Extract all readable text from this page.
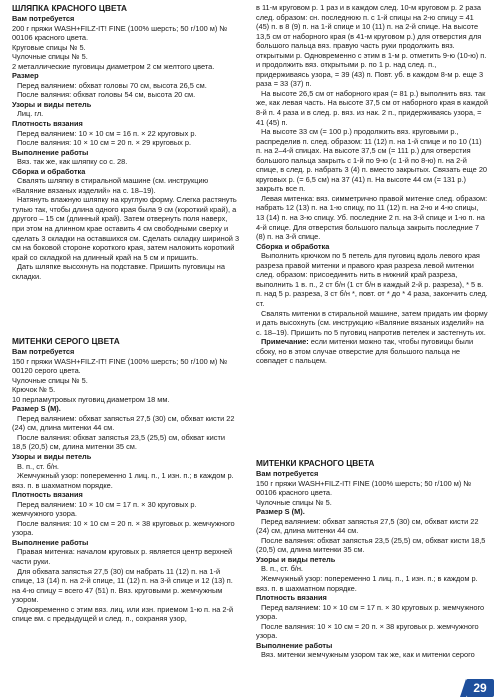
ШЛЯПКА КРАСНОГО ЦВЕТА
Вам потребуется

200 г пряжи WASH+FILZ-IT! FINE (100% шерсть; 50 г/100 м) № 00106 красного цвета.

Круговые спицы № 5.

Чулочные спицы № 5.

2 металлические пуговицы диаметром 2 см желтого цвета.

Размер

Перед валянием: обхват головы 70 см, высота 26,5 см.

После валяния: обхват головы 54 см, высота 20 см.

Узоры и виды петель

Лиц. гл.

Плотность вязания

Перед валянием: 10 × 10 см = 16 п. × 22 круговых р.

После валяния: 10 × 10 см = 20 п. × 29 круговых р.

Выполнение работы

Вяз. так же, как шляпку со с. 28.

Сборка и обработка

Свалять шляпку в стиральной машине (см. инструкцию «Валяние вязаных изделий» на с. 18–19).

Натянуть влажную шляпку на круглую форму. Слегка растянуть тулью так, чтобы длина одного края была 9 см (короткий край), а другого – 15 см (длинный край). Затем отвернуть поля наверх, при этом на длинном крае оставить 4 см свободными сверху и сделать 3 складки на оставшихся см. Сделать складку шириной 3 см на боковой стороне короткого края, затем наложить короткий край со складкой на длинный край на 5 см и пришить.

Дать шляпке высохнуть на подставке. Пришить пуговицы на складки.

МИТЕНКИ СЕРОГО ЦВЕТА
Вам потребуется

150 г пряжи WASH+FILZ-IT! FINE (100% шерсть; 50 г/100 м) № 00120 серого цвета.

Чулочные спицы № 5.

Крючок № 5.

10 перламутровых пуговиц диаметром 18 мм.

Размер S (M).

Перед валянием: обхват запястья 27,5 (30) см, обхват кисти 22 (24) см, длина митенки 44 см.

После валяния: обхват запястья 23,5 (25,5) см, обхват кисти 18,5 (20,5) см, длина митенки 35 см.

Узоры и виды петель

В. п., ст. б/н.

Жемчужный узор: попеременно 1 лиц. п., 1 изн. п.; в каждом р. вяз. п. в шахматном порядке.

Плотность вязания

Перед валянием: 10 × 10 см = 17 п. × 30 круговых р. жемчужного узора.

После валяния: 10 × 10 см = 20 п. × 38 круговых р. жемчужного узора.

Выполнение работы

Правая митенка: началом круговых р. является центр верхней части руки.

Для обхвата запястья 27,5 (30) см набрать 11 (12) п. на 1-й спице, 13 (14) п. на 2-й спице, 11 (12) п. на 3-й спице и 12 (13) п. на 4-ю спицу = всего 47 (51) п. Вяз. круговыми р. жемчужным узором.

Одновременно с этим вяз. лиц. или изн. приемом 1-ю п. на 2-й спице вм. с предыдущей и след. п., сохраняя узор,

в 11-м круговом р. 1 раз и в каждом след. 10-м круговом р. 2 раза след. образом: сн. последнюю п. с 1-й спицы на 2-ю спицу = 41 (45) п. в 8 (9) п. на 1-й спице и 10 (11) п. на 2-й спице. На высоте 13,5 см от наборного края (в 41-м круговом р.) для отверстия для большого пальца вяз. правую часть руки продолжить вяз. открытыми р. Одновременно с этим в 1-м р. отметить 9-ю (10-ю) п. и продолжить вяз. открытыми р. по 1 р. над след. п., придерживаясь узора, = 39 (43) п. Повт. уб. в каждом 8-м р. еще 3 раза = 33 (37) п.

На высоте 26,5 см от наборного края (= 81 р.) выполнить вяз. так же, как левая часть. На высоте 37,5 см от наборного края в каждой 8-й п. 4 раза и в след. р. вяз. из нак. 2 п., придерживаясь узора, = 41 (45) п.

На высоте 33 см (= 100 р.) продолжить вяз. круговыми р., распределив п. след. образом: 11 (12) п. на 1-й спице и по 10 (11) п. на 2–4-й спицах. На высоте 37,5 см (= 111 р.) для отверстия большого пальца закрыть с 1-й по 9-ю (с 1-й по 8-ю) п. на 2-й спице, в след. р. набрать 3 (4) п. вместо закрытых. Связать еще 20 круговых р. (= 6,5 см) на 37 (41) п. На высоте 44 см (= 131 р.) закрыть все п.

Левая митенка: вяз. симметрично правой митенке след. образом: набрать 12 (13) п. на 1-ю спицу, по 11 (12) п. на 2-ю и 4-ю спицы, 13 (14) п. на 3-ю спицу. Уб. последние 2 п. на 3-й спице и 1-ю п. на 4-й спице. Для отверстия большого пальца закрыть последние 7 (8) п. на 3-й спице.

Сборка и обработка

Выполнить крючком по 5 петель для пуговиц вдоль левого края разреза правой митенки и правого края разреза левой митенки след. образом: присоединить нить в нижний край разреза, выполнить 1 в. п., 2 ст б/н (1 ст б/н в каждый 2-й р. разреза), * 5 в. п. над 5 р. разреза, 3 ст б/н *, повт. от * до * 4 раза, закончить след. ст.

Свалять митенки в стиральной машине, затем придать им форму и дать высохнуть (см. инструкцию «Валяние вязаных изделий» на с. 18–19). Пришить по 5 пуговиц напротив петелек и застегнуть их.

Примечание: если митенки можно так, чтобы пуговицы были сбоку, но в этом случае отверстие для большого пальца не совпадет с пальцем.

МИТЕНКИ КРАСНОГО ЦВЕТА
Вам потребуется

150 г пряжи WASH+FILZ-IT! FINE (100% шерсть; 50 г/100 м) № 00106 красного цвета.

Чулочные спицы № 5.

Размер S (M).

Перед валянием: обхват запястья 27,5 (30) см, обхват кисти 22 (24) см, длина митенки 44 см.

После валяния: обхват запястья 23,5 (25,5) см, обхват кисти 18,5 (20,5) см, длина митенки 35 см.

Узоры и виды петель

В. п., ст. б/н.

Жемчужный узор: попеременно 1 лиц. п., 1 изн. п.; в каждом р. вяз. п. в шахматном порядке.

Плотность вязания

Перед валянием: 10 × 10 см = 17 п. × 30 круговых р. жемчужного узора.

После валяния: 10 × 10 см = 20 п. × 38 круговых р. жемчужного узора.

Выполнение работы

Вяз. митенки жемчужным узором так же, как и митенки серого

29
